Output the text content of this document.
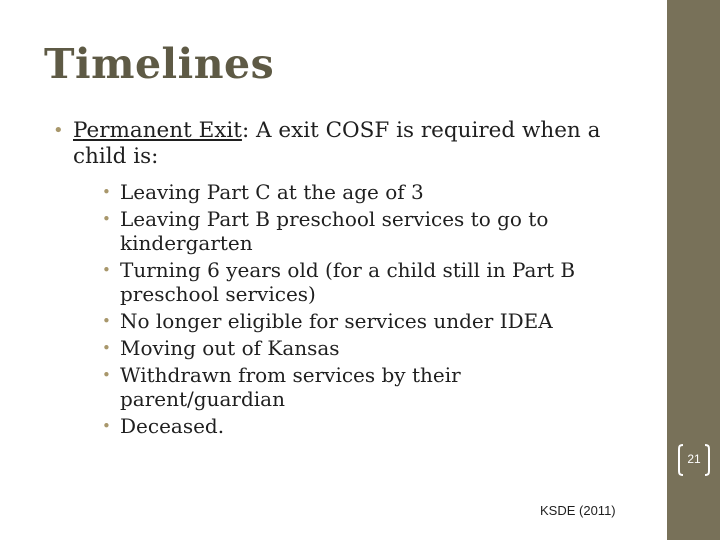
Timelines
• Permanent Exit: A exit COSF is required when a child is:
• Leaving Part C at the age of 3
• Leaving Part B preschool services to go to kindergarten
• Turning 6 years old (for a child still in Part B preschool services)
• No longer eligible for services under IDEA
• Moving out of Kansas
• Withdrawn from services by their parent/guardian
• Deceased.
21
KSDE (2011)
